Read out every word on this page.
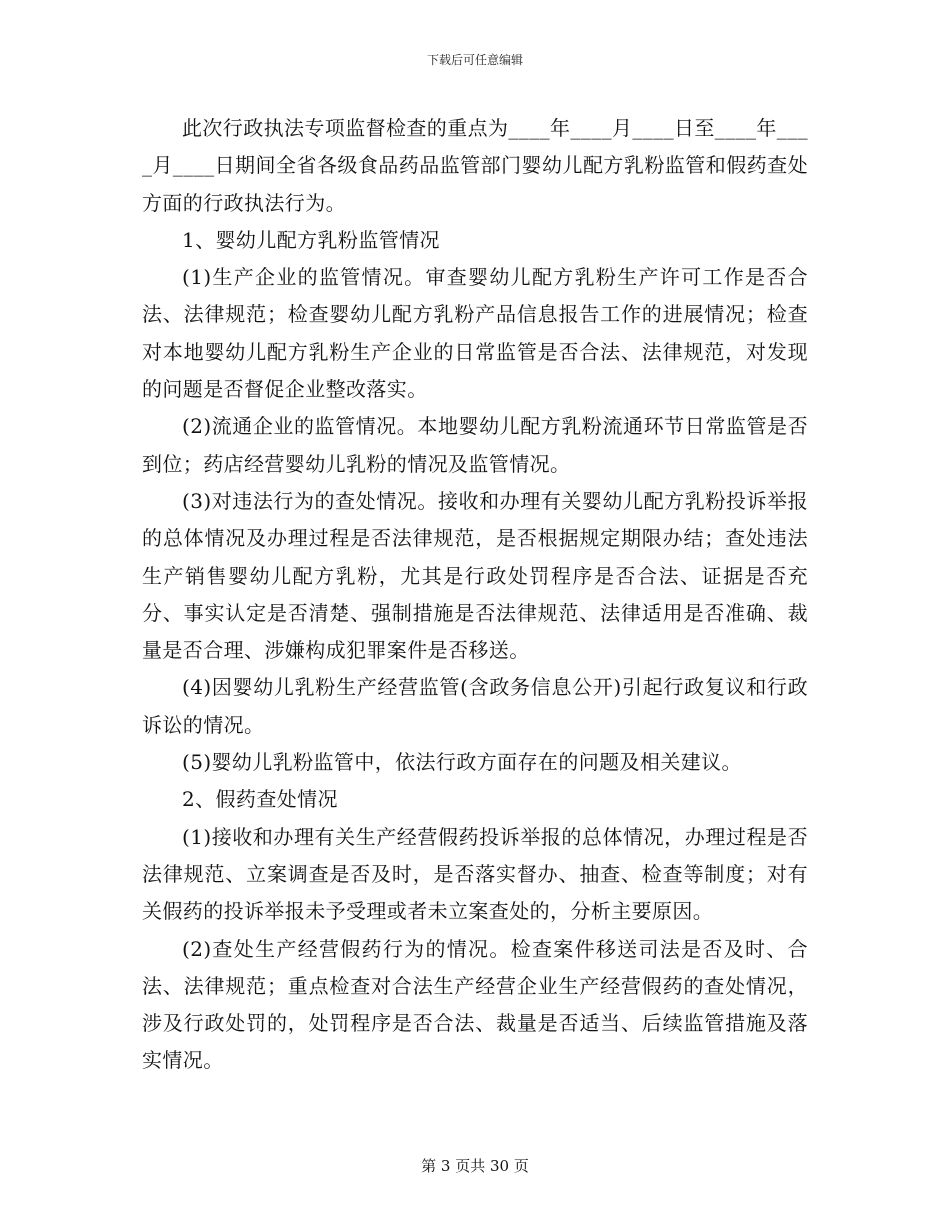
下载后可任意编辑

此次行政执法专项监督检查的重点为____年____月____日至____年____月____日期间全省各级食品药品监管部门婴幼儿配方乳粉监管和假药查处方面的行政执法行为。

1、婴幼儿配方乳粉监管情况

(1)生产企业的监管情况。审查婴幼儿配方乳粉生产许可工作是否合法、法律规范；检查婴幼儿配方乳粉产品信息报告工作的进展情况；检查对本地婴幼儿配方乳粉生产企业的日常监管是否合法、法律规范，对发现的问题是否督促企业整改落实。

(2)流通企业的监管情况。本地婴幼儿配方乳粉流通环节日常监管是否到位；药店经营婴幼儿乳粉的情况及监管情况。

(3)对违法行为的查处情况。接收和办理有关婴幼儿配方乳粉投诉举报的总体情况及办理过程是否法律规范，是否根据规定期限办结；查处违法生产销售婴幼儿配方乳粉，尤其是行政处罚程序是否合法、证据是否充分、事实认定是否清楚、强制措施是否法律规范、法律适用是否准确、裁量是否合理、涉嫌构成犯罪案件是否移送。

(4)因婴幼儿乳粉生产经营监管(含政务信息公开)引起行政复议和行政诉讼的情况。

(5)婴幼儿乳粉监管中，依法行政方面存在的问题及相关建议。

2、假药查处情况

(1)接收和办理有关生产经营假药投诉举报的总体情况，办理过程是否法律规范、立案调查是否及时，是否落实督办、抽查、检查等制度；对有关假药的投诉举报未予受理或者未立案查处的，分析主要原因。

(2)查处生产经营假药行为的情况。检查案件移送司法是否及时、合法、法律规范；重点检查对合法生产经营企业生产经营假药的查处情况，涉及行政处罚的，处罚程序是否合法、裁量是否适当、后续监管措施及落实情况。

第 3 页共 30 页
